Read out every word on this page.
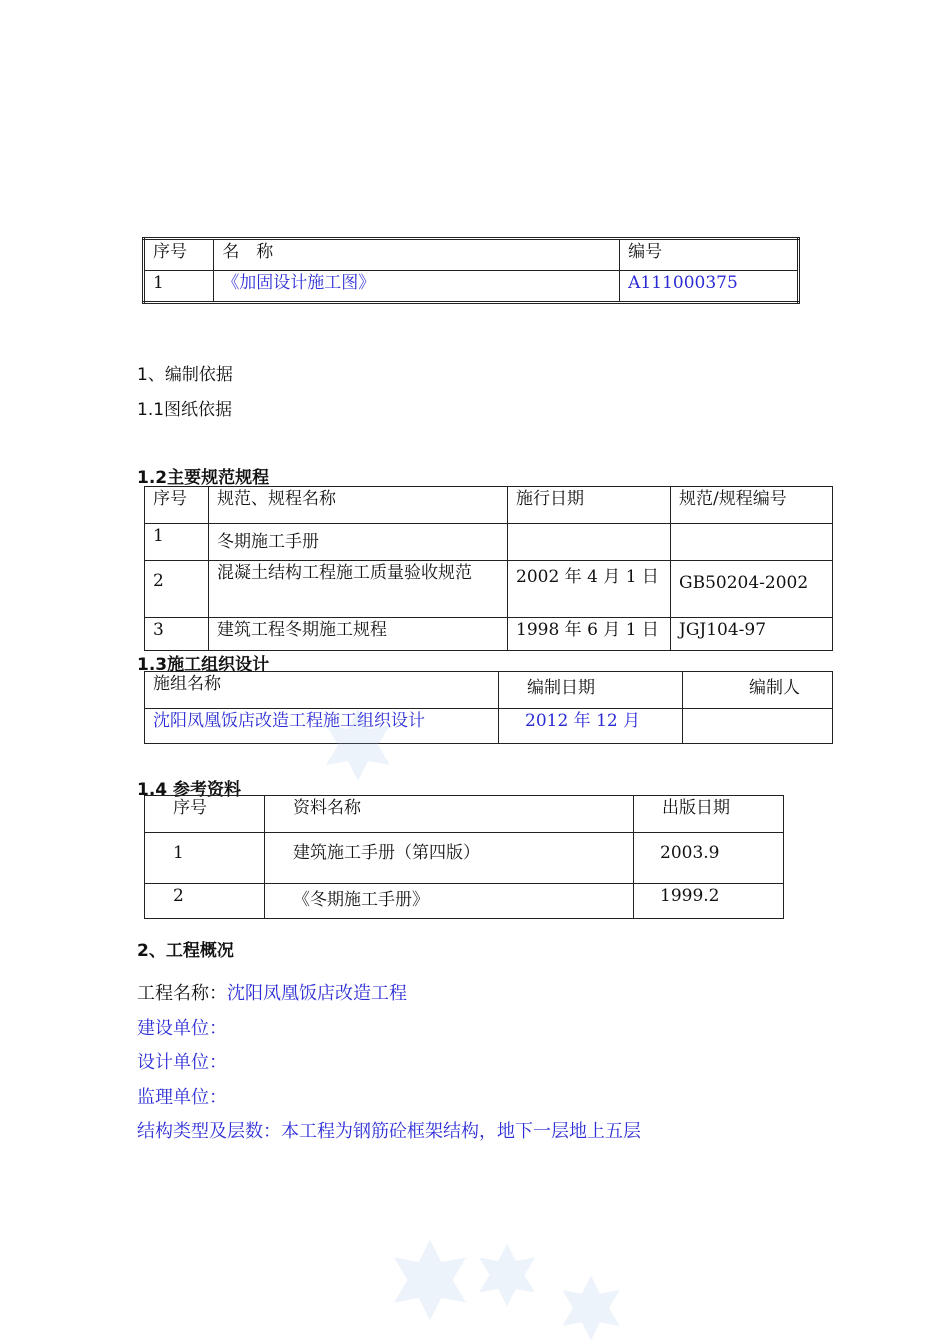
序号	名　称	编号
1	《加固设计施工图》	A111000375
1、编制依据
1.1图纸依据
1.2主要规范规程
序号	规范、规程名称	施行日期	规范/规程编号
1	冬期施工手册		
2	混凝土结构工程施工质量验收规范	2002 年 4 月 1 日	GB50204-2002
3	建筑工程冬期施工规程	1998 年 6 月 1 日	JGJ104-97
1.3施工组织设计
施组名称	编制日期	编制人
沈阳凤凰饭店改造工程施工组织设计	2012 年 12 月	
1.4 参考资料
序号	资料名称	出版日期
1	建筑施工手册（第四版）	2003.9
2	《冬期施工手册》	1999.2
2、工程概况
工程名称：沈阳凤凰饭店改造工程
建设单位：
设计单位：
监理单位：
结构类型及层数：本工程为钢筋砼框架结构，地下一层地上五层
